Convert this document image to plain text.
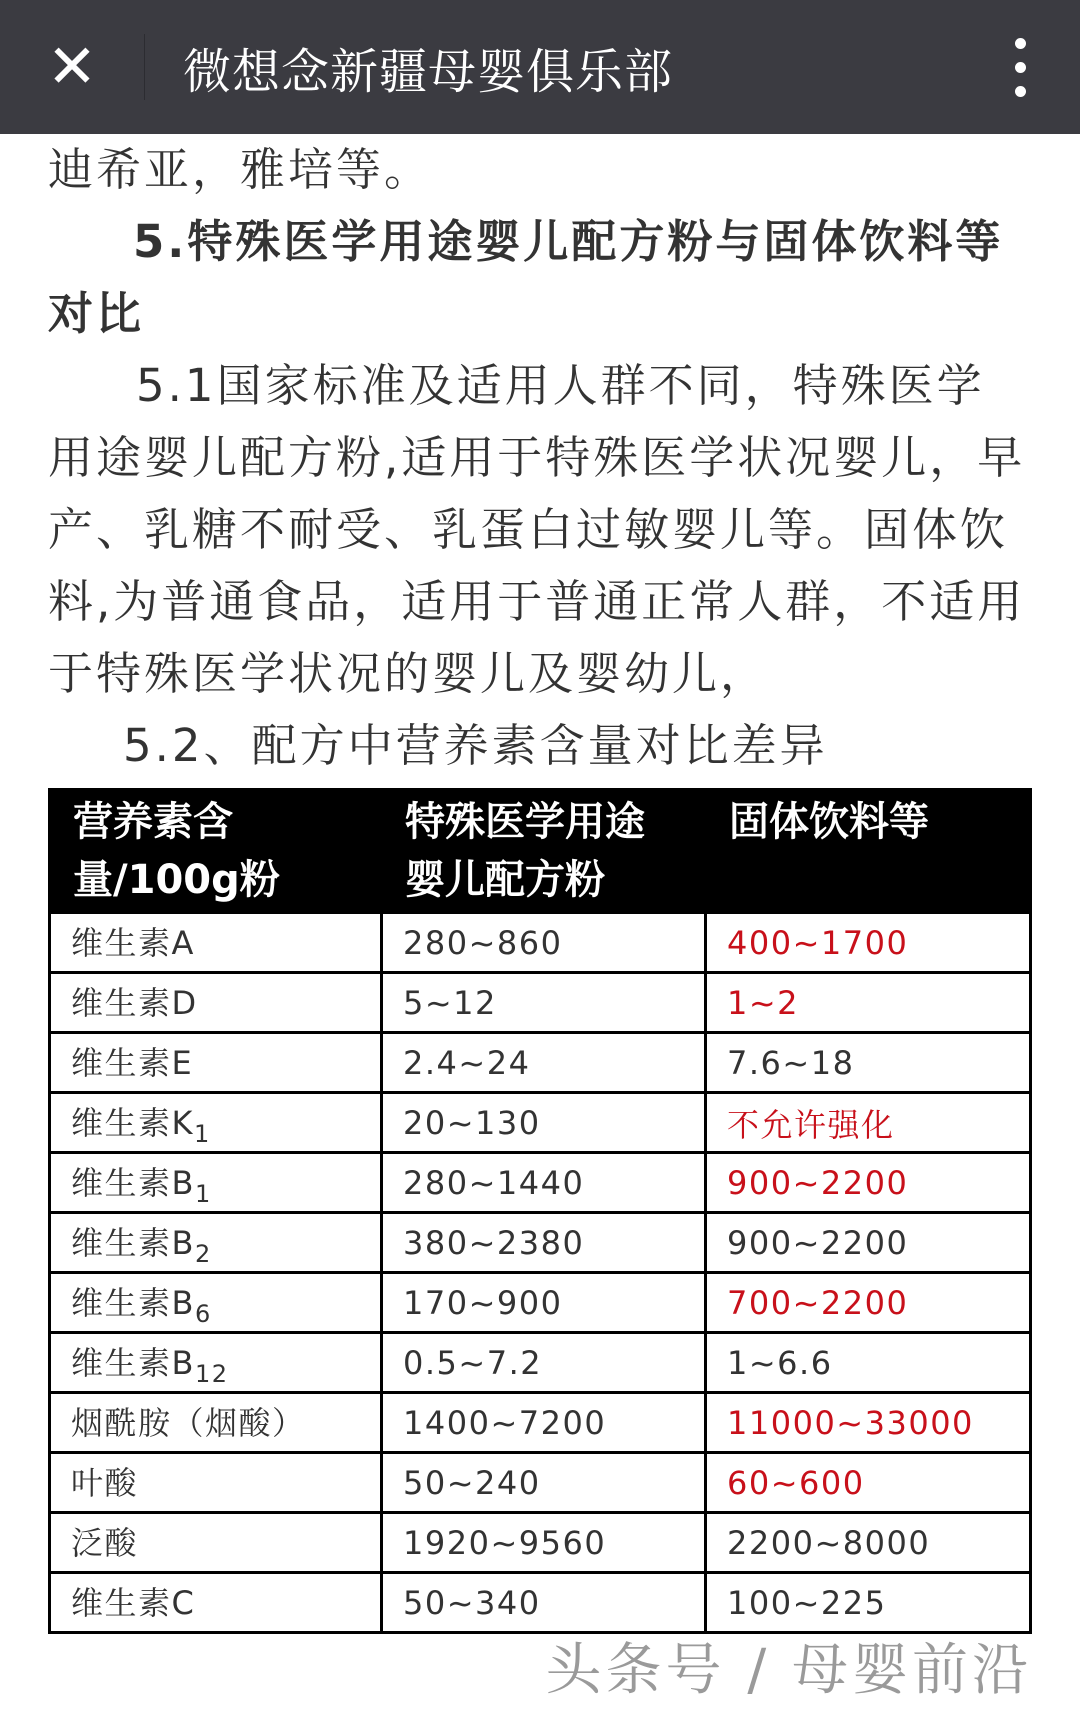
✕	微想念新疆母婴俱乐部

迪希亚，雅培等。

5.特殊医学用途婴儿配方粉与固体饮料等对比

5.1国家标准及适用人群不同，特殊医学用途婴儿配方粉,适用于特殊医学状况婴儿，早产、乳糖不耐受、乳蛋白过敏婴儿等。固体饮料,为普通食品，适用于普通正常人群，不适用于特殊医学状况的婴儿及婴幼儿，

5.2、配方中营养素含量对比差异

营养素含量/100g粉	特殊医学用途婴儿配方粉	固体饮料等
维生素A	280~860	400~1700
维生素D	5~12	1~2
维生素E	2.4~24	7.6~18
维生素$K_1$	20~130	不允许强化
维生素$B_1$	280~1440	900~2200
维生素$B_2$	380~2380	900~2200
维生素$B_6$	170~900	700~2200
维生素$B_{12}$	0.5~7.2	1~6.6
烟酰胺（烟酸）	1400~7200	11000~33000
叶酸	50~240	60~600
泛酸	1920~9560	2200~8000
维生素C	50~340	100~225
头条号 / 母婴前沿
